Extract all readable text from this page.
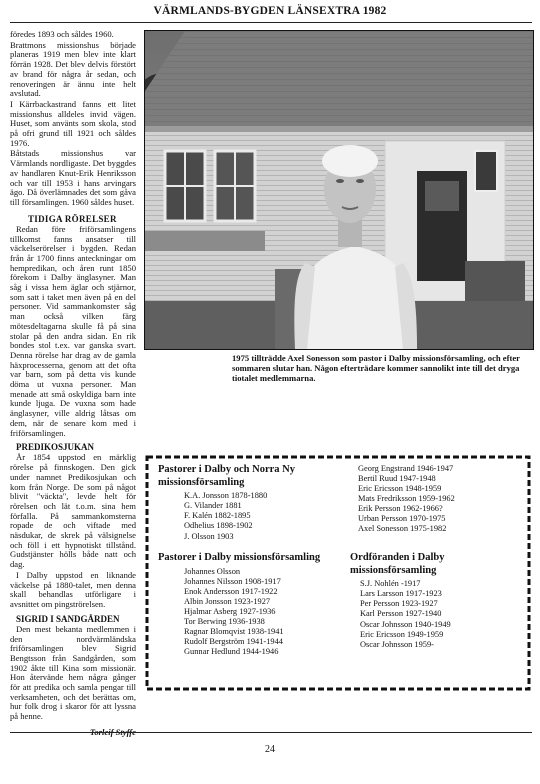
VÄRMLANDS-BYGDEN LÄNSEXTRA 1982

föredes 1893 och såldes 1960.

Brattmons missionshus började planeras 1919 men blev inte klart förrän 1928. Det blev delvis förstört av brand för några år sedan, och renoveringen är ännu inte helt avslutad.

I Kärrbackastrand fanns ett litet missionshus alldeles invid vägen. Huset, som använts som skola, stod på ofri grund till 1921 och såldes 1976.

Båtstads missionshus var Värmlands nordligaste. Det byggdes av handlaren Knut-Erik Henriksson och var till 1953 i hans arvingars ägo. Då överlämnades det som gåva till församlingen. 1960 såldes huset.

TIDIGA RÖRELSER

Redan före friförsamlingens tillkomst fanns ansatser till väckelserörelser i bygden. Redan från år 1700 finns anteckningar om hempredikan, och åren runt 1850 förekom i Dalby änglasyner. Man såg i vissa hem äglar och stjärnor, som satt i taket men även på en del personer. Vid sammankomster såg man också vilken färg mötesdeltagarna skulle få på sina stolar på den andra sidan. En rik bondes stol t.ex. var ganska svart. Denna rörelse har drag av de gamla häxprocesserna, genom att det ofta var barn, som på detta vis kunde döma ut vuxna personer. Man menade att små oskyldiga barn inte kunde ljuga. De vuxna som hade änglasyner, ville aldrig låtsas om dem, när de senare kom med i friförsamlingen.

PREDIKOSJUKAN

År 1854 uppstod en märklig rörelse på finnskogen. Den gick under namnet Predikosjukan och kom från Norge. De som på något blivit "väckta", levde helt för rörelsen och lät t.o.m. sina hem förfalla. På sammankomsterna ropade de och viftade med näsdukar, de skrek på välsignelse och föll i ett hypnotiskt tillstånd. Gudstjänster hölls både natt och dag.

I Dalby uppstod en liknande väckelse på 1880-talet, men denna skall behandlas utförligare i avsnittet om pingströrelsen.

SIGRID I SANDGÅRDEN

Den mest bekanta medlemmen i den nordvärmländska friförsamlingen blev Sigrid Bengtsson från Sandgården, som 1902 åkte till Kina som missionär. Hon återvände hem några gånger för att predika och samla pengar till verksamheten, och det berättas om, hur folk drog i skaror för att lyssna på henne.

Torleif Styffe

1975 tillträdde Axel Sonesson som pastor i Dalby missionsförsamling, och efter sommaren slutar han. Någon efterträdare kommer sannolikt inte till det dryga tiotalet medlemmarna.
Pastorer i Dalby och Norra Ny missionsförsamling
K.A. Jonsson 1878-1880
G. Vilander 1881
F. Kalén 1882-1895
Odhelius 1898-1902
J. Olsson 1903
Georg Engstrand 1946-1947
Bertil Ruud 1947-1948
Eric Ericsson 1948-1959
Mats Fredriksson 1959-1962
Erik Persson 1962-1966?
Urban Persson 1970-1975
Axel Sonesson 1975-1982
Pastorer i Dalby missionsförsamling
Johannes Olsson
Johannes Nilsson 1908-1917
Enok Andersson 1917-1922
Albin Jonsson 1923-1927
Hjalmar Asberg 1927-1936
Tor Berwing 1936-1938
Ragnar Blomqvist 1938-1941
Rudolf Bergström 1941-1944
Gunnar Hedlund 1944-1946
Ordföranden i Dalby missionsförsamling
S.J. Nohlén -1917
Lars Larsson 1917-1923
Per Persson 1923-1927
Karl Persson 1927-1940
Oscar Johnsson 1940-1949
Eric Ericsson 1949-1959
Oscar Johnsson 1959-
24
